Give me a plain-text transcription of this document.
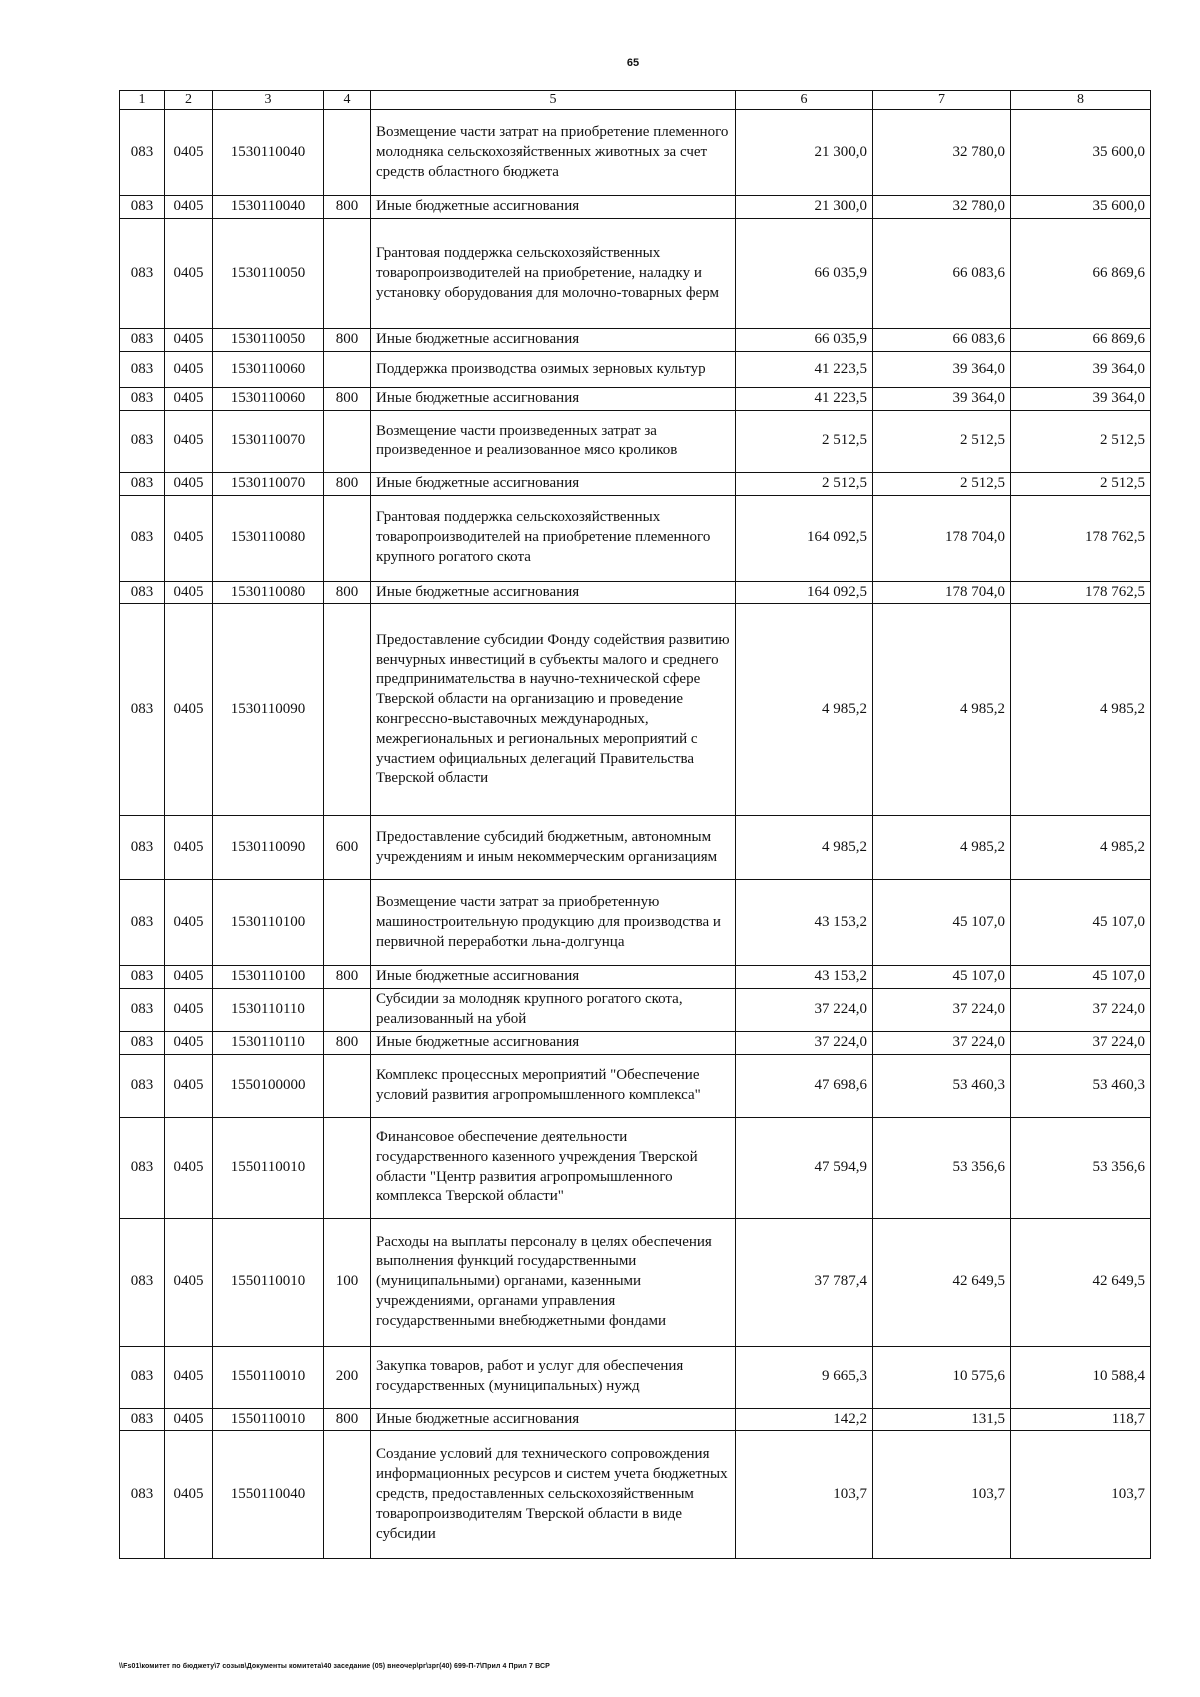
65
1	2	3	4	5	6	7	8
083	0405	1530110040		Возмещение части затрат на приобретение племенного молодняка сельскохозяйственных животных за счет средств областного бюджета	21 300,0	32 780,0	35 600,0
083	0405	1530110040	800	Иные бюджетные ассигнования	21 300,0	32 780,0	35 600,0
083	0405	1530110050		Грантовая поддержка сельскохозяйственных товаропроизводителей на приобретение, наладку и установку оборудования для молочно-товарных ферм	66 035,9	66 083,6	66 869,6
083	0405	1530110050	800	Иные бюджетные ассигнования	66 035,9	66 083,6	66 869,6
083	0405	1530110060		Поддержка производства озимых зерновых культур	41 223,5	39 364,0	39 364,0
083	0405	1530110060	800	Иные бюджетные ассигнования	41 223,5	39 364,0	39 364,0
083	0405	1530110070		Возмещение части произведенных затрат за произведенное и реализованное мясо кроликов	2 512,5	2 512,5	2 512,5
083	0405	1530110070	800	Иные бюджетные ассигнования	2 512,5	2 512,5	2 512,5
083	0405	1530110080		Грантовая поддержка сельскохозяйственных товаропроизводителей на приобретение племенного крупного рогатого скота	164 092,5	178 704,0	178 762,5
083	0405	1530110080	800	Иные бюджетные ассигнования	164 092,5	178 704,0	178 762,5
083	0405	1530110090		Предоставление субсидии Фонду содействия развитию венчурных инвестиций в субъекты малого и среднего предпринимательства в научно-технической сфере Тверской области на организацию и проведение конгрессно-выставочных международных, межрегиональных и региональных мероприятий с участием официальных делегаций Правительства Тверской области	4 985,2	4 985,2	4 985,2
083	0405	1530110090	600	Предоставление субсидий бюджетным, автономным учреждениям и иным некоммерческим организациям	4 985,2	4 985,2	4 985,2
083	0405	1530110100		Возмещение части затрат за приобретенную машиностроительную продукцию для производства и первичной переработки льна-долгунца	43 153,2	45 107,0	45 107,0
083	0405	1530110100	800	Иные бюджетные ассигнования	43 153,2	45 107,0	45 107,0
083	0405	1530110110		Субсидии за молодняк крупного рогатого скота, реализованный на убой	37 224,0	37 224,0	37 224,0
083	0405	1530110110	800	Иные бюджетные ассигнования	37 224,0	37 224,0	37 224,0
083	0405	1550100000		Комплекс процессных мероприятий "Обеспечение условий развития агропромышленного комплекса"	47 698,6	53 460,3	53 460,3
083	0405	1550110010		Финансовое обеспечение деятельности государственного казенного учреждения Тверской области "Центр развития агропромышленного комплекса Тверской области"	47 594,9	53 356,6	53 356,6
083	0405	1550110010	100	Расходы на выплаты персоналу в целях обеспечения выполнения функций государственными (муниципальными) органами, казенными учреждениями, органами управления государственными внебюджетными фондами	37 787,4	42 649,5	42 649,5
083	0405	1550110010	200	Закупка товаров, работ и услуг для обеспечения государственных (муниципальных) нужд	9 665,3	10 575,6	10 588,4
083	0405	1550110010	800	Иные бюджетные ассигнования	142,2	131,5	118,7
083	0405	1550110040		Создание условий для технического сопровождения информационных ресурсов и систем учета бюджетных средств, предоставленных сельскохозяйственным товаропроизводителям Тверской области в виде субсидии	103,7	103,7	103,7
\\Fs01\комитет по бюджету\7 созыв\Документы комитета\40 заседание (05) внеочер\рг\зрг(40) 699-П-7\Прил 4 Прил 7 ВСР
